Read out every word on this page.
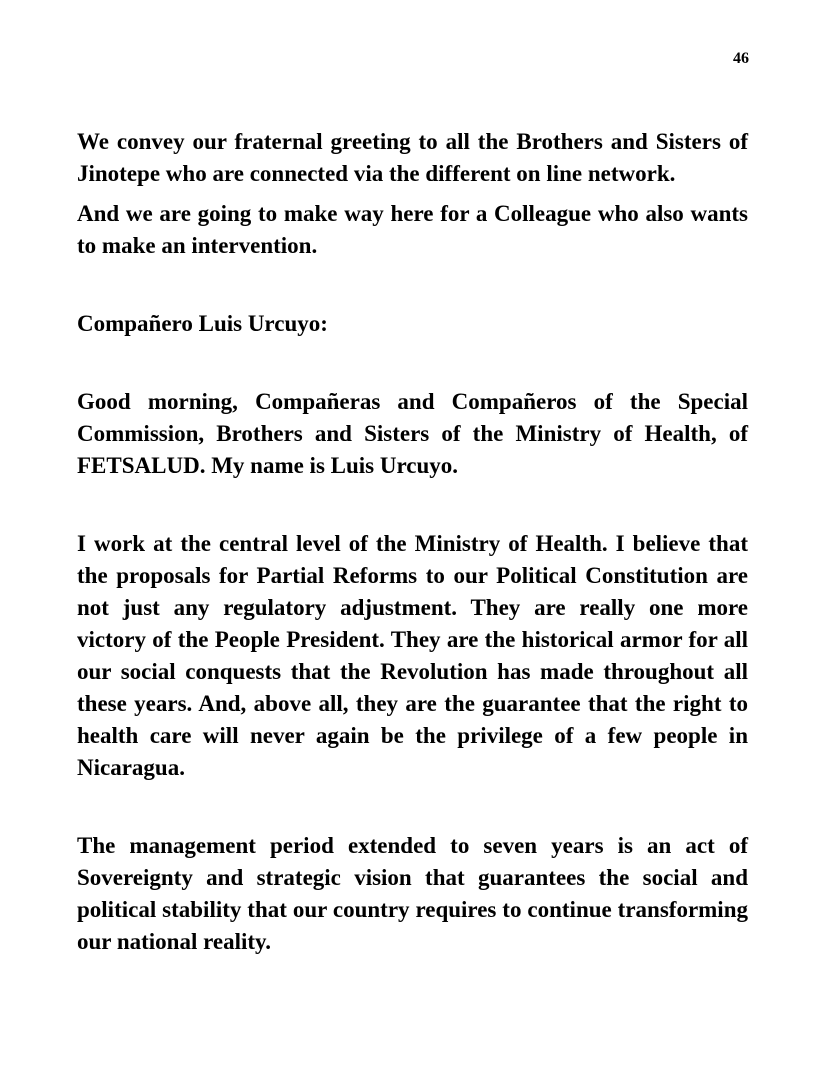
46

We convey our fraternal greeting to all the Brothers and Sisters of Jinotepe who are connected via the different on line network.

And we are going to make way here for a Colleague who also wants to make an intervention.

Compañero Luis Urcuyo:

Good morning, Compañeras and Compañeros of the Special Commission, Brothers and Sisters of the Ministry of Health, of FETSALUD. My name is Luis Urcuyo.

I work at the central level of the Ministry of Health. I believe that the proposals for Partial Reforms to our Political Constitution are not just any regulatory adjustment. They are really one more victory of the People President. They are the historical armor for all our social conquests that the Revolution has made throughout all these years. And, above all, they are the guarantee that the right to health care will never again be the privilege of a few people in Nicaragua.

The management period extended to seven years is an act of Sovereignty and strategic vision that guarantees the social and political stability that our country requires to continue transforming our national reality.
